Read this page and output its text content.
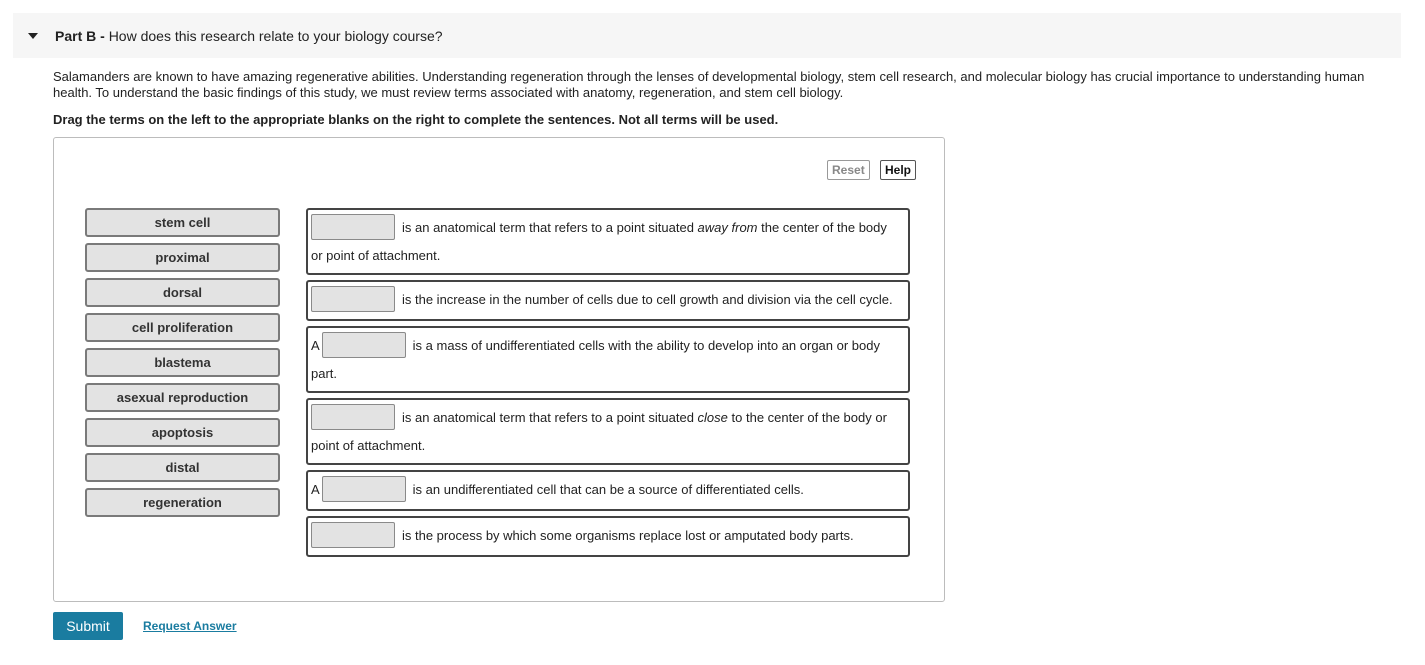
Part B - How does this research relate to your biology course?
Salamanders are known to have amazing regenerative abilities. Understanding regeneration through the lenses of developmental biology, stem cell research, and molecular biology has crucial importance to understanding human health. To understand the basic findings of this study, we must review terms associated with anatomy, regeneration, and stem cell biology.
Drag the terms on the left to the appropriate blanks on the right to complete the sentences. Not all terms will be used.
Reset	Help
stem cell
proximal
dorsal
cell proliferation
blastema
asexual reproduction
apoptosis
distal
regeneration
is an anatomical term that refers to a point situated away from the center of the body
or point of attachment.
is the increase in the number of cells due to cell growth and division via the cell cycle.
A	is a mass of undifferentiated cells with the ability to develop into an organ or body
part.
is an anatomical term that refers to a point situated close to the center of the body or
point of attachment.
A	is an undifferentiated cell that can be a source of differentiated cells.
is the process by which some organisms replace lost or amputated body parts.
Submit	Request Answer
